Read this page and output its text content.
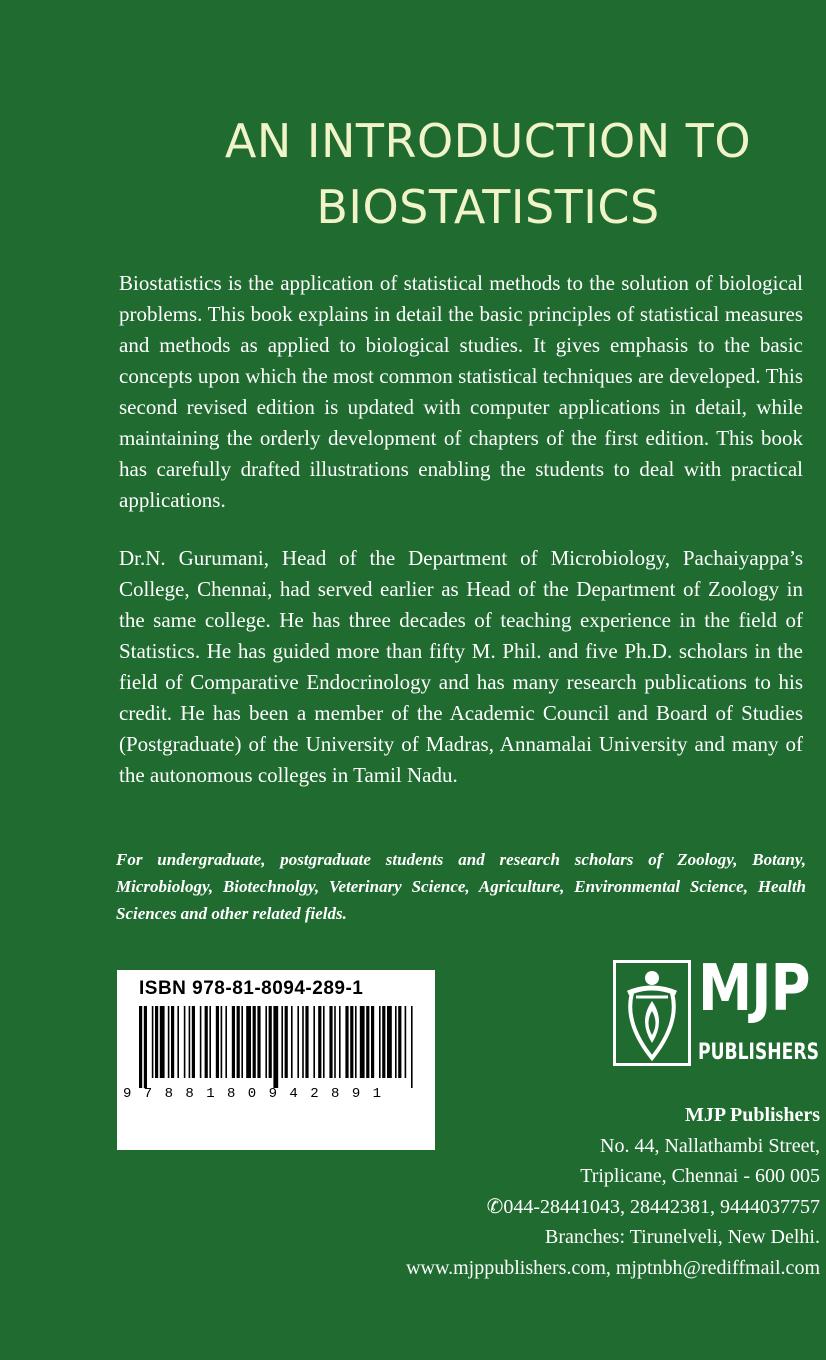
AN INTRODUCTION TO
BIOSTATISTICS

Biostatistics is the application of statistical methods to the solution of biological problems. This book explains in detail the basic principles of statistical measures and methods as applied to biological studies. It gives emphasis to the basic concepts upon which the most common statistical techniques are developed. This second revised edition is updated with computer applications in detail, while maintaining the orderly development of chapters of the first edition. This book has carefully drafted illustrations enabling the students to deal with practical applications.

Dr.N. Gurumani, Head of the Department of Microbiology, Pachaiyappa’s College, Chennai, had served earlier as Head of the Department of Zoology in the same college. He has three decades of teaching experience in the field of Statistics. He has guided more than fifty M. Phil. and five Ph.D. scholars in the field of Comparative Endocrinology and has many research publications to his credit. He has been a member of the Academic Council and Board of Studies (Postgraduate) of the University of Madras, Annamalai University and many of the autonomous colleges in Tamil Nadu.

For undergraduate, postgraduate students and research scholars of Zoology, Botany, Microbiology, Biotechnolgy, Veterinary Science, Agriculture, Environmental Science, Health Sciences and other related fields.
ISBN 978-81-8094-289-1
9788180942891
MJP
PUBLISHERS
MJP Publishers
No. 44, Nallathambi Street,
Triplicane, Chennai - 600 005
✆044-28441043, 28442381, 9444037757
Branches: Tirunelveli, New Delhi.
www.mjppublishers.com, mjptnbh@rediffmail.com
